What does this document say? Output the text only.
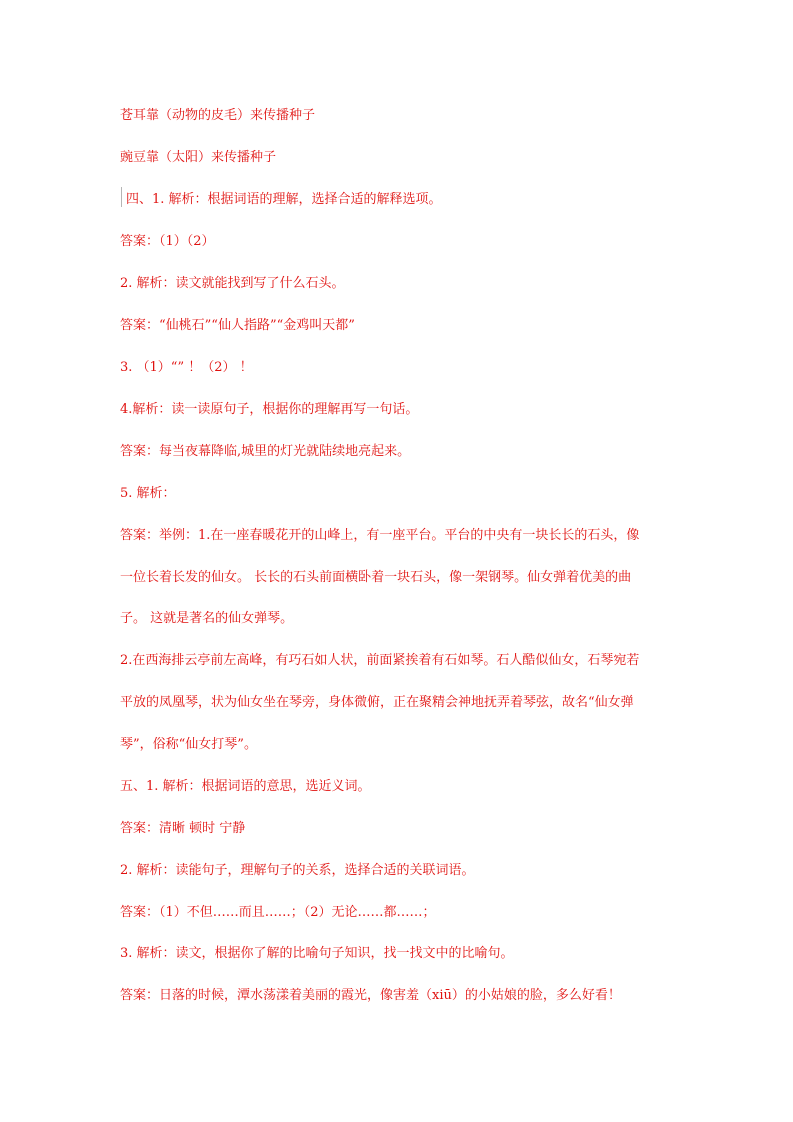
苍耳靠（动物的皮毛）来传播种子
豌豆靠（太阳）来传播种子
四、1. 解析：根据词语的理解，选择合适的解释选项。
答案：（1）（2）
2. 解析：读文就能找到写了什么石头。
答案：“仙桃石”“仙人指路”“金鸡叫天都”
3. （1）“” ！（2） ！
4.解析：读一读原句子，根据你的理解再写一句话。
答案：每当夜幕降临,城里的灯光就陆续地亮起来。
5. 解析：
答案：举例：1.在一座春暖花开的山峰上，有一座平台。平台的中央有一块长长的石头，像
一位长着长发的仙女。 长长的石头前面横卧着一块石头，像一架钢琴。仙女弹着优美的曲
子。 这就是著名的仙女弹琴。
2.在西海排云亭前左高峰，有巧石如人状，前面紧挨着有石如琴。石人酷似仙女，石琴宛若
平放的凤凰琴，状为仙女坐在琴旁，身体微俯，正在聚精会神地抚弄着琴弦，故名“仙女弹
琴”，俗称“仙女打琴”。
五、1. 解析：根据词语的意思，选近义词。
答案：清晰 顿时 宁静
2. 解析：读能句子，理解句子的关系，选择合适的关联词语。
答案：（1）不但……而且……；（2）无论……都……；
3. 解析：读文，根据你了解的比喻句子知识，找一找文中的比喻句。
答案：日落的时候，潭水荡漾着美丽的霞光，像害羞（xiū）的小姑娘的脸，多么好看！
